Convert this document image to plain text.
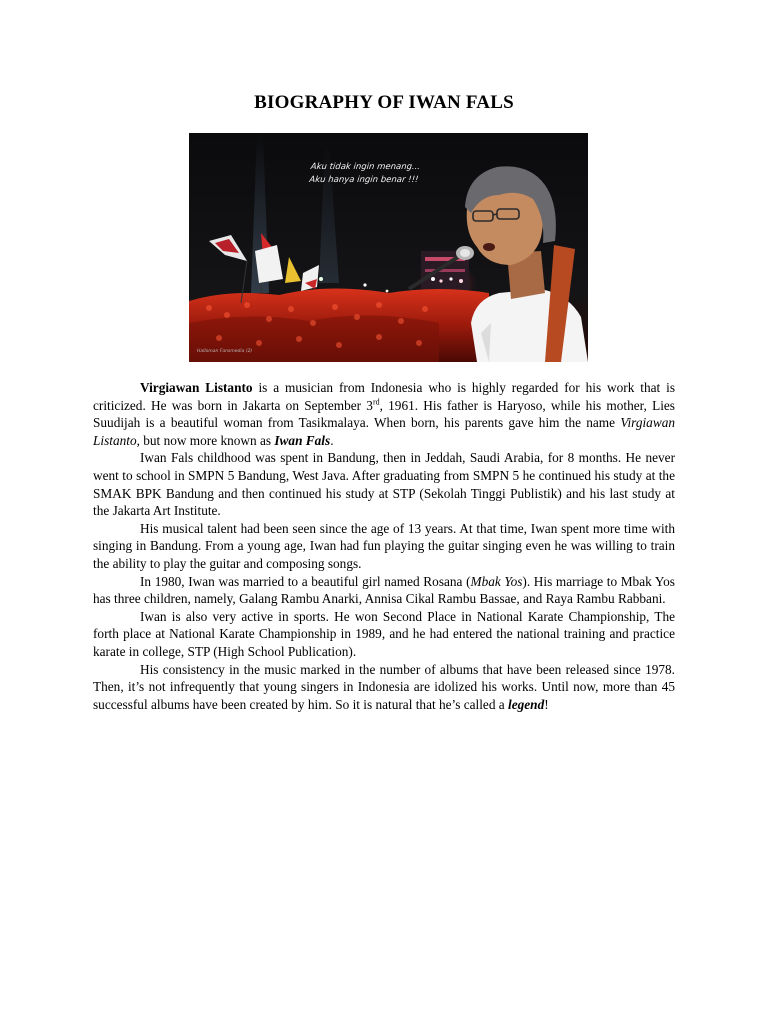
BIOGRAPHY OF IWAN FALS
Aku tidak ingin menang...
Aku hanya ingin benar !!!
Halloman Fansmedia (2)

Virgiawan Listanto is a musician from Indonesia who is highly regarded for his work that is criticized. He was born in Jakarta on September 3rd, 1961. His father is Haryoso, while his mother, Lies Suudijah is a beautiful woman from Tasikmalaya. When born, his parents gave him the name Virgiawan Listanto, but now more known as Iwan Fals.

Iwan Fals childhood was spent in Bandung, then in Jeddah, Saudi Arabia, for 8 months. He never went to school in SMPN 5 Bandung, West Java. After graduating from SMPN 5 he continued his study at the SMAK BPK Bandung and then continued his study at STP (Sekolah Tinggi Publistik) and his last study at the Jakarta Art Institute.

His musical talent had been seen since the age of 13 years. At that time, Iwan spent more time with singing in Bandung. From a young age, Iwan had fun playing the guitar singing even he was willing to train the ability to play the guitar and composing songs.

In 1980, Iwan was married to a beautiful girl named Rosana (Mbak Yos). His marriage to Mbak Yos has three children, namely, Galang Rambu Anarki, Annisa Cikal Rambu Bassae, and Raya Rambu Rabbani.

Iwan is also very active in sports. He won Second Place in National Karate Championship, The forth place at National Karate Championship in 1989, and he had entered the national training and practice karate in college, STP (High School Publication).

His consistency in the music marked in the number of albums that have been released since 1978. Then, it’s not infrequently that young singers in Indonesia are idolized his works. Until now, more than 45 successful albums have been created by him. So it is natural that he’s called a legend!
